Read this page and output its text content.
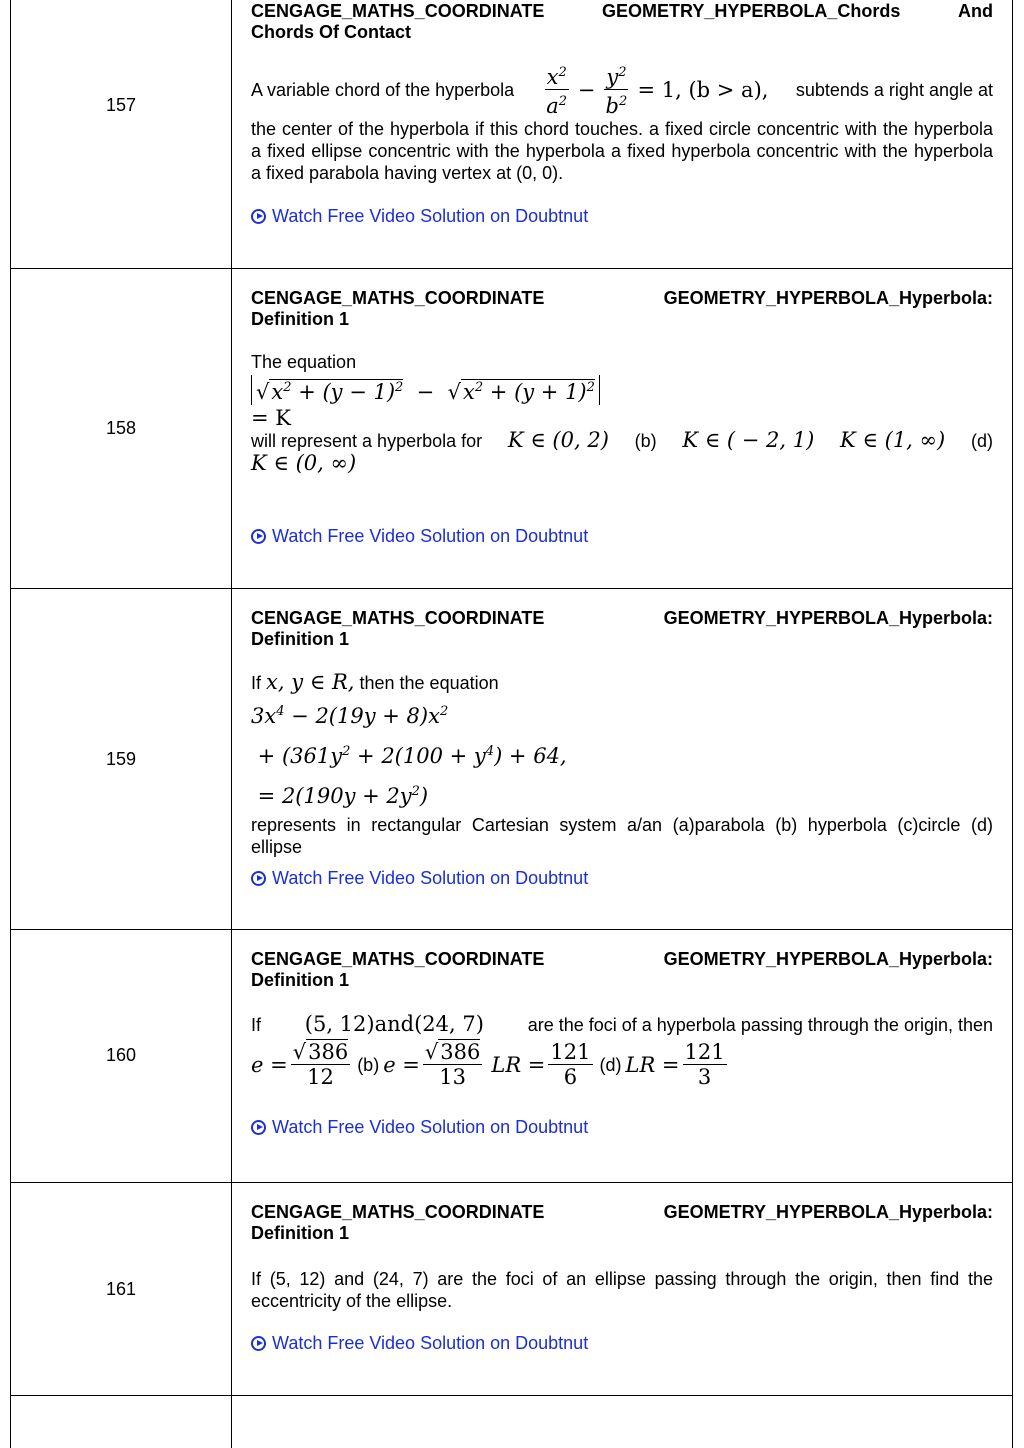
157
CENGAGE_MATHS_COORDINATE	GEOMETRY_HYPERBOLA_Chords	And
Chords Of Contact
A variable chord of the hyperbola $\frac{x^2}{a^2} - \frac{y^2}{b^2} = 1$, (b > a), subtends a right angle at
the center of the hyperbola if this chord touches. a fixed circle concentric with the hyperbola a fixed ellipse concentric with the hyperbola a fixed hyperbola concentric with the hyperbola a fixed parabola having vertex at (0, 0).
Watch Free Video Solution on Doubtnut
158
CENGAGE_MATHS_COORDINATE	GEOMETRY_HYPERBOLA_Hyperbola:
Definition 1
The equation
$√x^2 + (y - 1)^2 - √x^2 + (y + 1)^2$
= K
will represent a hyperbola for K ∈ (0, 2) (b) K ∈ ( − 2, 1) K ∈ (1, ∞) (d)
K ∈ (0, ∞)
Watch Free Video Solution on Doubtnut
159
CENGAGE_MATHS_COORDINATE	GEOMETRY_HYPERBOLA_Hyperbola:
Definition 1
If x, y ∈ R, then the equation
$3x^4 - 2(19y + 8)x^2$
+ ($361y^2 + 2(100 + y^4) + 64$,
= $2(190y + 2y^2)$
represents in rectangular Cartesian system a/an (a)parabola (b) hyperbola (c)circle (d) ellipse
Watch Free Video Solution on Doubtnut
160
CENGAGE_MATHS_COORDINATE	GEOMETRY_HYPERBOLA_Hyperbola:
Definition 1
If (5, 12)and(24, 7) are the foci of a hyperbola passing through the origin, then
$e = \frac{√386}{12} (b) e = \frac{√386}{13}$ LR = $\frac{121}{6} (d)$ LR = $\frac{121}{3}$
Watch Free Video Solution on Doubtnut
161
CENGAGE_MATHS_COORDINATE	GEOMETRY_HYPERBOLA_Hyperbola:
Definition 1
If (5, 12) and (24, 7) are the foci of an ellipse passing through the origin, then find the eccentricity of the ellipse.
Watch Free Video Solution on Doubtnut
